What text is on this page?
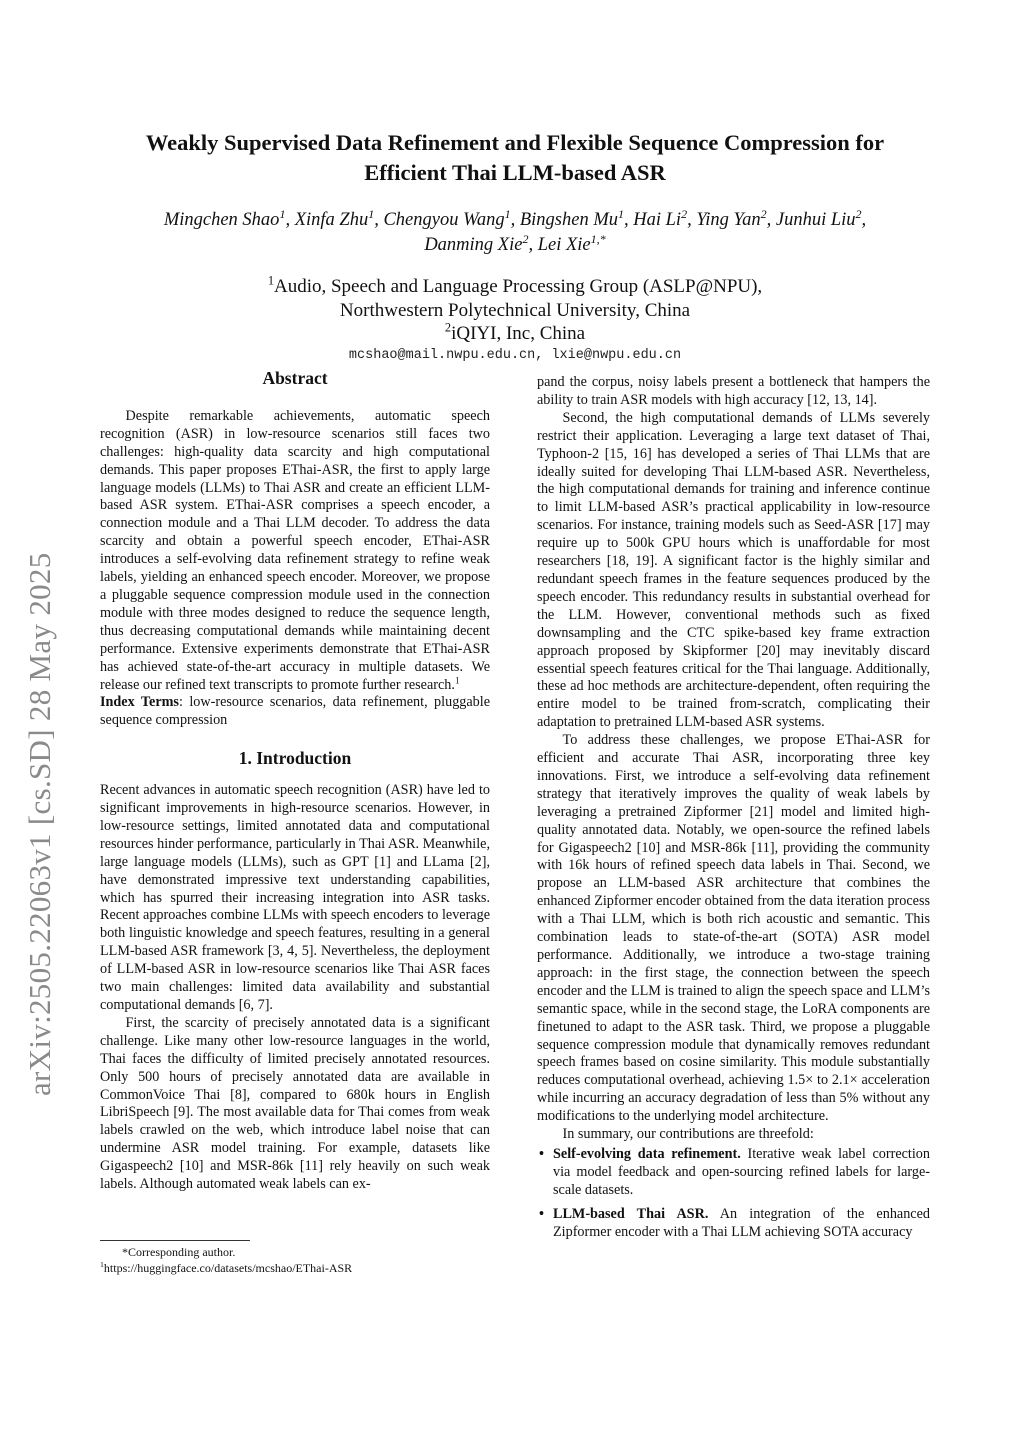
arXiv:2505.22063v1 [cs.SD] 28 May 2025
Weakly Supervised Data Refinement and Flexible Sequence Compression for
Efficient Thai LLM-based ASR
Mingchen Shao$^1$, Xinfa Zhu$^1$, Chengyou Wang$^1$, Bingshen Mu$^1$, Hai Li$^2$, Ying Yan$^2$, Junhui Liu$^2$,
Danming Xie$^2$, Lei Xie$^{1,*}$
$^1$Audio, Speech and Language Processing Group (ASLP@NPU),
Northwestern Polytechnical University, China
$^2$iQIYI, Inc, China
mcshao@mail.nwpu.edu.cn, lxie@nwpu.edu.cn
Abstract

Despite remarkable achievements, automatic speech recognition (ASR) in low-resource scenarios still faces two challenges: high-quality data scarcity and high computational demands. This paper proposes EThai-ASR, the first to apply large language models (LLMs) to Thai ASR and create an efficient LLM-based ASR system. EThai-ASR comprises a speech encoder, a connection module and a Thai LLM decoder. To address the data scarcity and obtain a powerful speech encoder, EThai-ASR introduces a self-evolving data refinement strategy to refine weak labels, yielding an enhanced speech encoder. Moreover, we propose a pluggable sequence compression module used in the connection module with three modes designed to reduce the sequence length, thus decreasing computational demands while maintaining decent performance. Extensive experiments demonstrate that EThai-ASR has achieved state-of-the-art accuracy in multiple datasets. We release our refined text transcripts to promote further research.$^1$

Index Terms: low-resource scenarios, data refinement, pluggable sequence compression

1. Introduction

Recent advances in automatic speech recognition (ASR) have led to significant improvements in high-resource scenarios. However, in low-resource settings, limited annotated data and computational resources hinder performance, particularly in Thai ASR. Meanwhile, large language models (LLMs), such as GPT [1] and LLama [2], have demonstrated impressive text understanding capabilities, which has spurred their increasing integration into ASR tasks. Recent approaches combine LLMs with speech encoders to leverage both linguistic knowledge and speech features, resulting in a general LLM-based ASR framework [3, 4, 5]. Nevertheless, the deployment of LLM-based ASR in low-resource scenarios like Thai ASR faces two main challenges: limited data availability and substantial computational demands [6, 7].

First, the scarcity of precisely annotated data is a significant challenge. Like many other low-resource languages in the world, Thai faces the difficulty of limited precisely annotated resources. Only 500 hours of precisely annotated data are available in CommonVoice Thai [8], compared to 680k hours in English LibriSpeech [9]. The most available data for Thai comes from weak labels crawled on the web, which introduce label noise that can undermine ASR model training. For example, datasets like Gigaspeech2 [10] and MSR-86k [11] rely heavily on such weak labels. Although automated weak labels can ex-

pand the corpus, noisy labels present a bottleneck that hampers the ability to train ASR models with high accuracy [12, 13, 14].

Second, the high computational demands of LLMs severely restrict their application. Leveraging a large text dataset of Thai, Typhoon-2 [15, 16] has developed a series of Thai LLMs that are ideally suited for developing Thai LLM-based ASR. Nevertheless, the high computational demands for training and inference continue to limit LLM-based ASR’s practical applicability in low-resource scenarios. For instance, training models such as Seed-ASR [17] may require up to 500k GPU hours which is unaffordable for most researchers [18, 19]. A significant factor is the highly similar and redundant speech frames in the feature sequences produced by the speech encoder. This redundancy results in substantial overhead for the LLM. However, conventional methods such as fixed downsampling and the CTC spike-based key frame extraction approach proposed by Skipformer [20] may inevitably discard essential speech features critical for the Thai language. Additionally, these ad hoc methods are architecture-dependent, often requiring the entire model to be trained from-scratch, complicating their adaptation to pretrained LLM-based ASR systems.

To address these challenges, we propose EThai-ASR for efficient and accurate Thai ASR, incorporating three key innovations. First, we introduce a self-evolving data refinement strategy that iteratively improves the quality of weak labels by leveraging a pretrained Zipformer [21] model and limited high-quality annotated data. Notably, we open-source the refined labels for Gigaspeech2 [10] and MSR-86k [11], providing the community with 16k hours of refined speech data labels in Thai. Second, we propose an LLM-based ASR architecture that combines the enhanced Zipformer encoder obtained from the data iteration process with a Thai LLM, which is both rich acoustic and semantic. This combination leads to state-of-the-art (SOTA) ASR model performance. Additionally, we introduce a two-stage training approach: in the first stage, the connection between the speech encoder and the LLM is trained to align the speech space and LLM’s semantic space, while in the second stage, the LoRA components are finetuned to adapt to the ASR task. Third, we propose a pluggable sequence compression module that dynamically removes redundant speech frames based on cosine similarity. This module substantially reduces computational overhead, achieving 1.5× to 2.1× acceleration while incurring an accuracy degradation of less than 5% without any modifications to the underlying model architecture.

In summary, our contributions are threefold:

• Self-evolving data refinement. Iterative weak label correction via model feedback and open-sourcing refined labels for large-scale datasets.
• LLM-based Thai ASR. An integration of the enhanced Zipformer encoder with a Thai LLM achieving SOTA accuracy
*Corresponding author.
$^1$https://huggingface.co/datasets/mcshao/EThai-ASR
